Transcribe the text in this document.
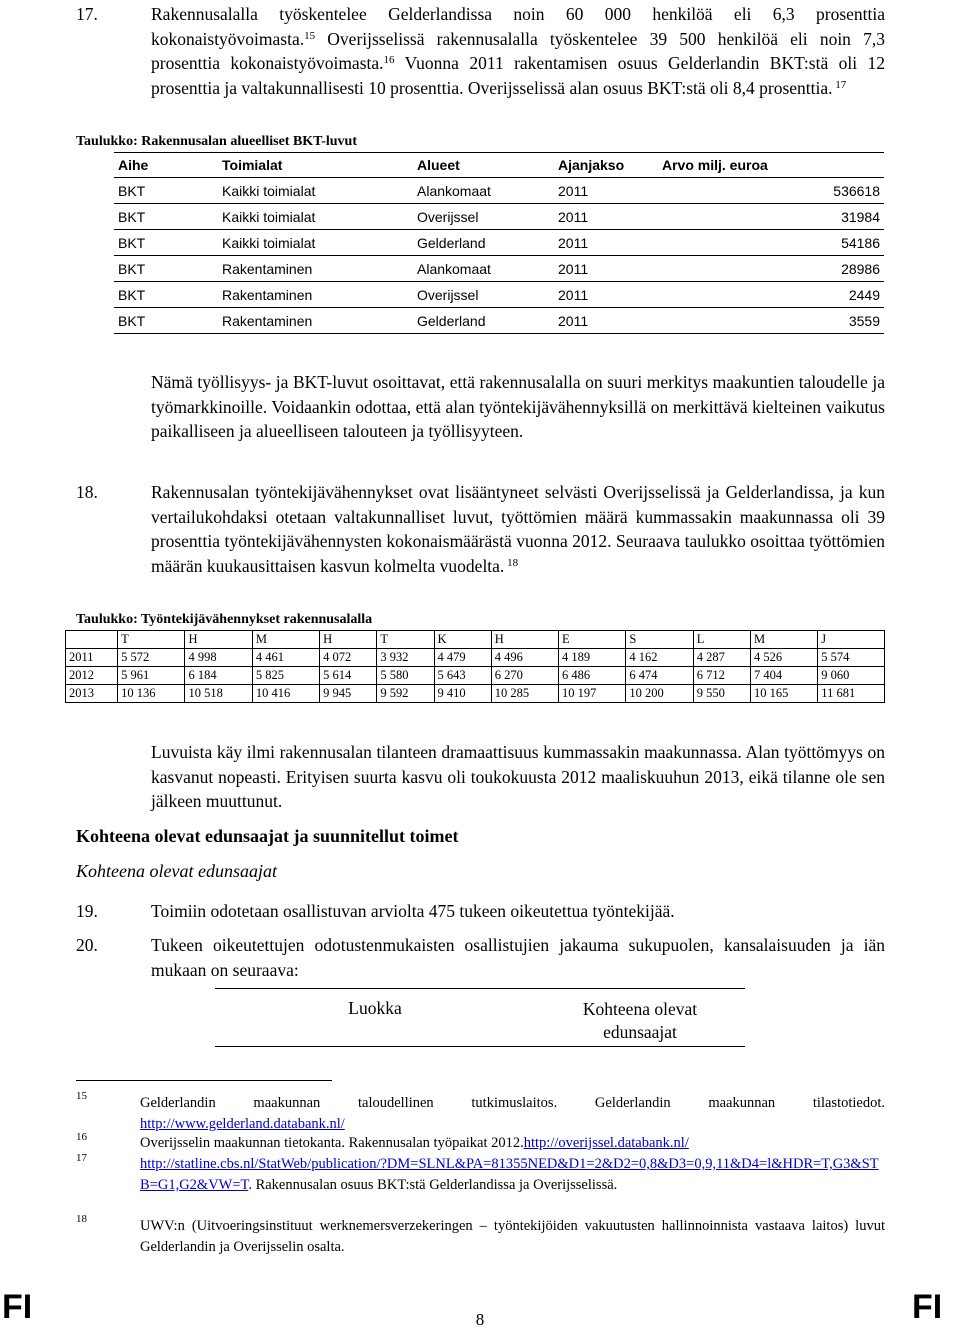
17.	Rakennusalalla työskentelee Gelderlandissa noin 60 000 henkilöä eli 6,3 prosenttia kokonaistyövoimasta.$^{15}$ Overijsselissä rakennusalalla työskentelee 39 500 henkilöä eli noin 7,3 prosenttia kokonaistyövoimasta.$^{16}$ Vuonna 2011 rakentamisen osuus Gelderlandin BKT:stä oli 12 prosenttia ja valtakunnallisesti 10 prosenttia. Overijsselissä alan osuus BKT:stä oli 8,4 prosenttia. $^{17}$
Taulukko: Rakennusalan alueelliset BKT-luvut
Aihe	Toimialat	Alueet	Ajanjakso	Arvo milj. euroa
BKT	Kaikki toimialat	Alankomaat	2011	536618
BKT	Kaikki toimialat	Overijssel	2011	31984
BKT	Kaikki toimialat	Gelderland	2011	54186
BKT	Rakentaminen	Alankomaat	2011	28986
BKT	Rakentaminen	Overijssel	2011	2449
BKT	Rakentaminen	Gelderland	2011	3559
Nämä työllisyys- ja BKT-luvut osoittavat, että rakennusalalla on suuri merkitys maakuntien taloudelle ja työmarkkinoille. Voidaankin odottaa, että alan työntekijävähennyksillä on merkittävä kielteinen vaikutus paikalliseen ja alueelliseen talouteen ja työllisyyteen.
18.	Rakennusalan työntekijävähennykset ovat lisääntyneet selvästi Overijsselissä ja Gelderlandissa, ja kun vertailukohdaksi otetaan valtakunnalliset luvut, työttömien määrä kummassakin maakunnassa oli 39 prosenttia työntekijävähennysten kokonaismäärästä vuonna 2012. Seuraava taulukko osoittaa työttömien määrän kuukausittaisen kasvun kolmelta vuodelta. $^{18}$
Taulukko: Työntekijävähennykset rakennusalalla
	T	H	M	H	T	K	H	E	S	L	M	J
2011	5 572	4 998	4 461	4 072	3 932	4 479	4 496	4 189	4 162	4 287	4 526	5 574
2012	5 961	6 184	5 825	5 614	5 580	5 643	6 270	6 486	6 474	6 712	7 404	9 060
2013	10 136	10 518	10 416	9 945	9 592	9 410	10 285	10 197	10 200	9 550	10 165	11 681
Luvuista käy ilmi rakennusalan tilanteen dramaattisuus kummassakin maakunnassa. Alan työttömyys on kasvanut nopeasti. Erityisen suurta kasvu oli toukokuusta 2012 maaliskuuhun 2013, eikä tilanne ole sen jälkeen muuttunut.
Kohteena olevat edunsaajat ja suunnitellut toimet
Kohteena olevat edunsaajat
19.	Toimiin odotetaan osallistuvan arviolta 475 tukeen oikeutettua työntekijää.
20.	Tukeen oikeutettujen odotustenmukaisten osallistujien jakauma sukupuolen, kansalaisuuden ja iän mukaan on seuraava:
Luokka	Kohteena olevat edunsaajat
15	Gelderlandin maakunnan taloudellinen tutkimuslaitos. Gelderlandin maakunnan tilastotiedot. http://www.gelderland.databank.nl/
16	Overijsselin maakunnan tietokanta. Rakennusalan työpaikat 2012.http://overijssel.databank.nl/
17	http://statline.cbs.nl/StatWeb/publication/?DM=SLNL&PA=81355NED&D1=2&D2=0,8&D3=0,9,11&D4=l&HDR=T,G3&STB=G1,G2&VW=T. Rakennusalan osuus BKT:stä Gelderlandissa ja Overijsselissä.
18	UWV:n (Uitvoeringsinstituut werknemersverzekeringen – työntekijöiden vakuutusten hallinnoinnista vastaava laitos) luvut Gelderlandin ja Overijsselin osalta.
FI	8	FI
